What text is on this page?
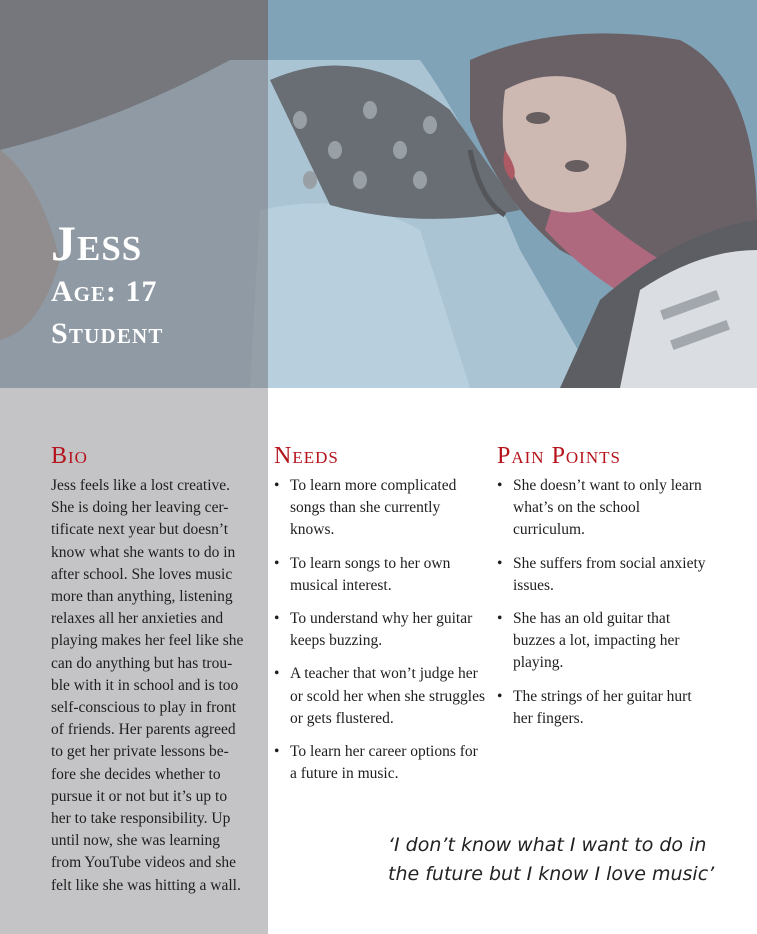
Jess
Age: 17
Student
Bio
Jess feels like a lost creative.
She is doing her leaving cer-
tificate next year but doesn’t
know what she wants to do in
after school. She loves music
more than anything, listening
relaxes all her anxieties and
playing makes her feel like she
can do anything but has trou-
ble with it in school and is too
self-conscious to play in front
of friends. Her parents agreed
to get her private lessons be-
fore she decides whether to
pursue it or not but it’s up to
her to take responsibility. Up
until now, she was learning
from YouTube videos and she
felt like she was hitting a wall.
Needs
• To learn more complicated songs than she currently knows.
• To learn songs to her own musical interest.
• To understand why her guitar keeps buzzing.
• A teacher that won’t judge her or scold her when she struggles or gets flustered.
• To learn her career options for a future in music.
Pain Points
• She doesn’t want to only learn what’s on the school curriculum.
• She suffers from social anxiety issues.
• She has an old guitar that buzzes a lot, impacting her playing.
• The strings of her guitar hurt her fingers.
‘I don’t know what I want to do in
the future but I know I love music’
